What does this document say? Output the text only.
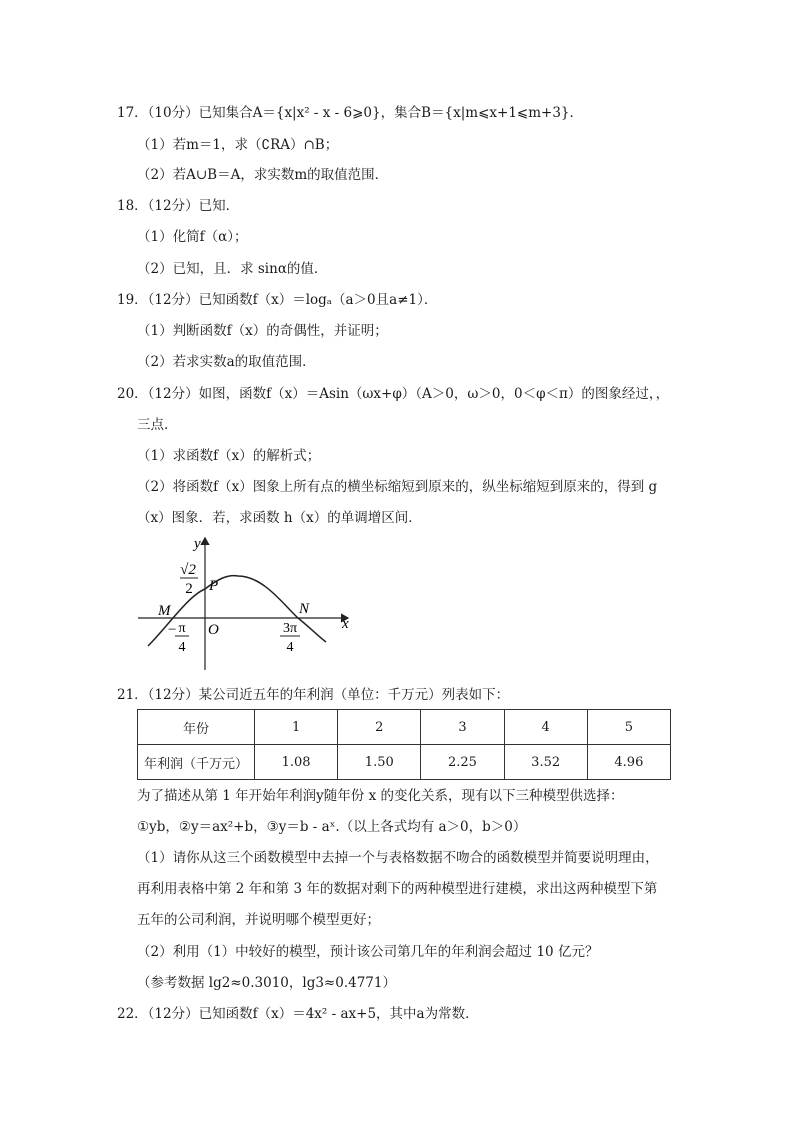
17．（10分）已知集合A＝{x|x² - x - 6⩾0}，集合B＝{x|m⩽x+1⩽m+3}．
（1）若m＝1，求（∁RA）∩B；
（2）若A∪B＝A，求实数m的取值范围．
18．（12分）已知．
（1）化简f（α）；
（2）已知，且．求 sinα的值．
19．（12分）已知函数f（x）＝logₐ（a＞0且a≠1）．
（1）判断函数f（x）的奇偶性，并证明；
（2）若求实数a的取值范围．
20．（12分）如图，函数f（x）＝Asin（ωx+φ）（A＞0，ω＞0，0＜φ＜π）的图象经过，，
三点．
（1）求函数f（x）的解析式；
（2）将函数f（x）图象上所有点的横坐标缩短到原来的，纵坐标缩短到原来的，得到 g
（x）图象．若，求函数 h（x）的单调增区间．
√2
2
y
x
P
M	N
O
− π
4
3π
4
21．（12分）某公司近五年的年利润（单位：千万元）列表如下：
年份	1	2	3	4	5
年利润（千万元）	1.08	1.50	2.25	3.52	4.96
为了描述从第 1 年开始年利润y随年份 x 的变化关系，现有以下三种模型供选择：
①yb，②y＝ax²+b，③y＝b - aˣ.（以上各式均有 a＞0，b＞0）
（1）请你从这三个函数模型中去掉一个与表格数据不吻合的函数模型并简要说明理由，
再利用表格中第 2 年和第 3 年的数据对剩下的两种模型进行建模，求出这两种模型下第
五年的公司利润，并说明哪个模型更好；
（2）利用（1）中较好的模型，预计该公司第几年的年利润会超过 10 亿元？
（参考数据 lg2≈0.3010，lg3≈0.4771）
22．（12分）已知函数f（x）＝4x² - ax+5，其中a为常数．
